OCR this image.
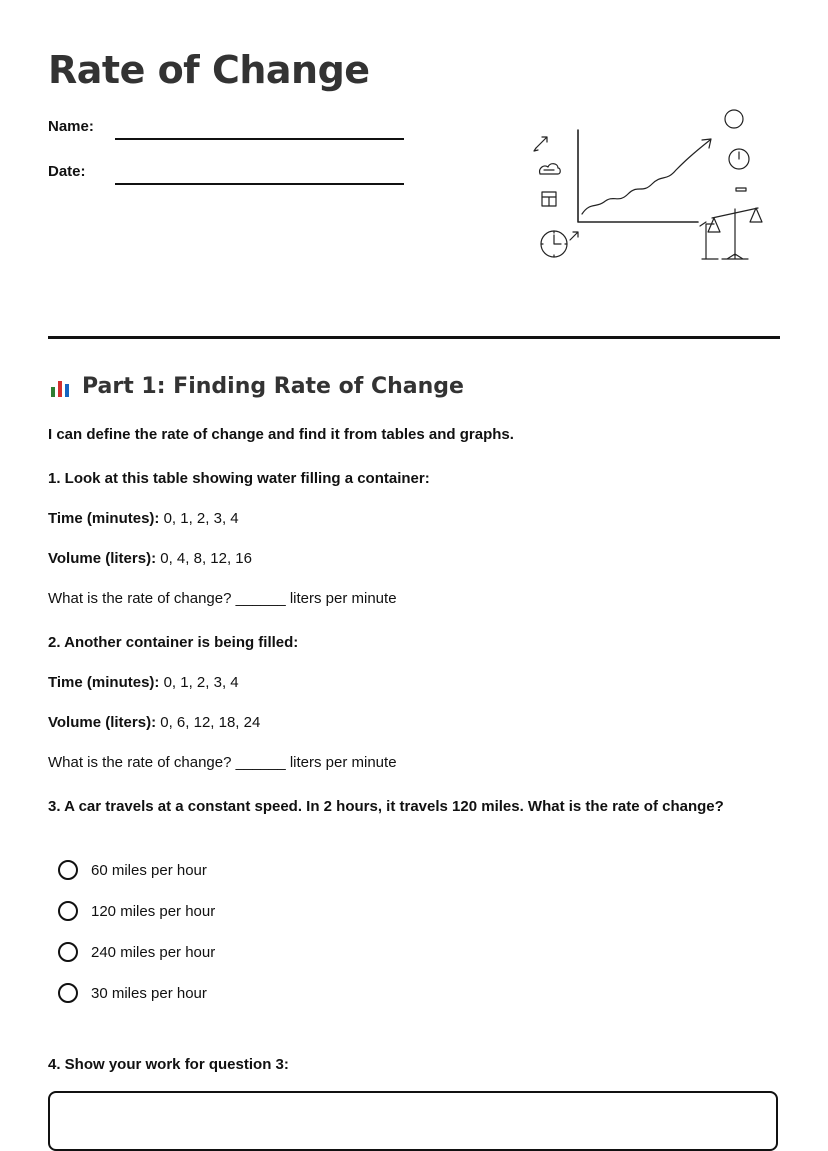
Rate of Change
Name:
Date:
Part 1: Finding Rate of Change
I can define the rate of change and find it from tables and graphs.
1. Look at this table showing water filling a container:
Time (minutes): 0, 1, 2, 3, 4
Volume (liters): 0, 4, 8, 12, 16
What is the rate of change? ______ liters per minute
2. Another container is being filled:
Time (minutes): 0, 1, 2, 3, 4
Volume (liters): 0, 6, 12, 18, 24
What is the rate of change? ______ liters per minute
3. A car travels at a constant speed. In 2 hours, it travels 120 miles. What is the rate of change?
60 miles per hour
120 miles per hour
240 miles per hour
30 miles per hour
4. Show your work for question 3:
